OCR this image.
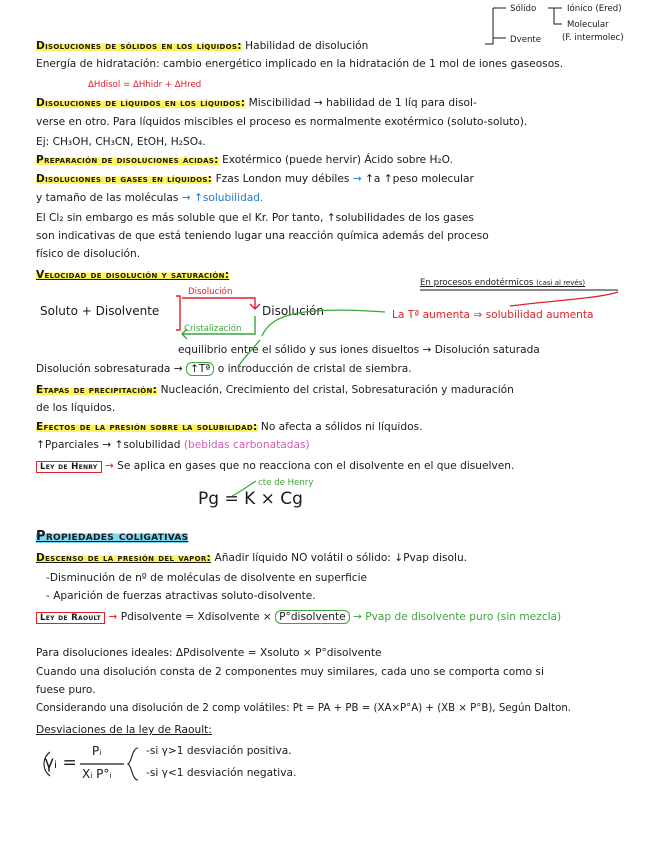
Sólido	Iónico (Ered)
Molecular
(F. intermolec)
Dvente
Disoluciones de sólidos en los líquidos: Habilidad de disolución
Energía de hidratación: cambio energético implicado en la hidratación de 1 mol de iones gaseosos.
ΔHdisol = ΔHhidr + ΔHred
Disoluciones de líquidos en los líquidos: Miscibilidad → habilidad de 1 líq para disol-
verse en otro. Para líquidos miscibles el proceso es normalmente exotérmico (soluto-soluto).
Ej: CH₃OH, CH₃CN, EtOH, H₂SO₄.
Preparación de disoluciones ácidas: Exotérmico (puede hervir) Ácido sobre H₂O.
Disoluciones de gases en líquidos: Fzas London muy débiles → ↑a ↑peso molecular
y tamaño de las moléculas → ↑solubilidad.
El Cl₂ sin embargo es más soluble que el Kr. Por tanto, ↑solubilidades de los gases
son indicativas de que está teniendo lugar una reacción química además del proceso
físico de disolución.
Velocidad de disolución y saturación:
En procesos endotérmicos (casi al revés)
Soluto + Disolvente
Disolución
Cristalización
Disolución	La Tª aumenta ⇒ solubilidad aumenta
equilibrio entre el sólido y sus iones disueltos → Disolución saturada
Disolución sobresaturada → ↑Tª o introducción de cristal de siembra.
Etapas de precipitación: Nucleación, Crecimiento del cristal, Sobresaturación y maduración
de los líquidos.
Efectos de la presión sobre la solubilidad: No afecta a sólidos ni líquidos.
↑Pparciales → ↑solubilidad (bebidas carbonatadas)
Ley de Henry → Se aplica en gases que no reacciona con el disolvente en el que disuelven.
cte de Henry
Pg = K × Cg
Propiedades coligativas
Descenso de la presión del vapor: Añadir líquido NO volátil o sólido: ↓Pvap disolu.
-Disminución de nº de moléculas de disolvente en superficie
- Aparición de fuerzas atractivas soluto-disolvente.
Ley de Raoult → Pdisolvente = Xdisolvente × P°disolvente → Pvap de disolvente puro (sin mezcla)
Para disoluciones ideales: ΔPdisolvente = Xsoluto × P°disolvente
Cuando una disolución consta de 2 componentes muy similares, cada uno se comporta como si
fuese puro.
Considerando una disolución de 2 comp volátiles: Pt = PA + PB = (XA×P°A) + (XB × P°B), Según Dalton.
Desviaciones de la ley de Raoult:
γᵢ =
Pᵢ
Xᵢ P°ᵢ
-si γ>1 desviación positiva.
-si γ<1 desviación negativa.
